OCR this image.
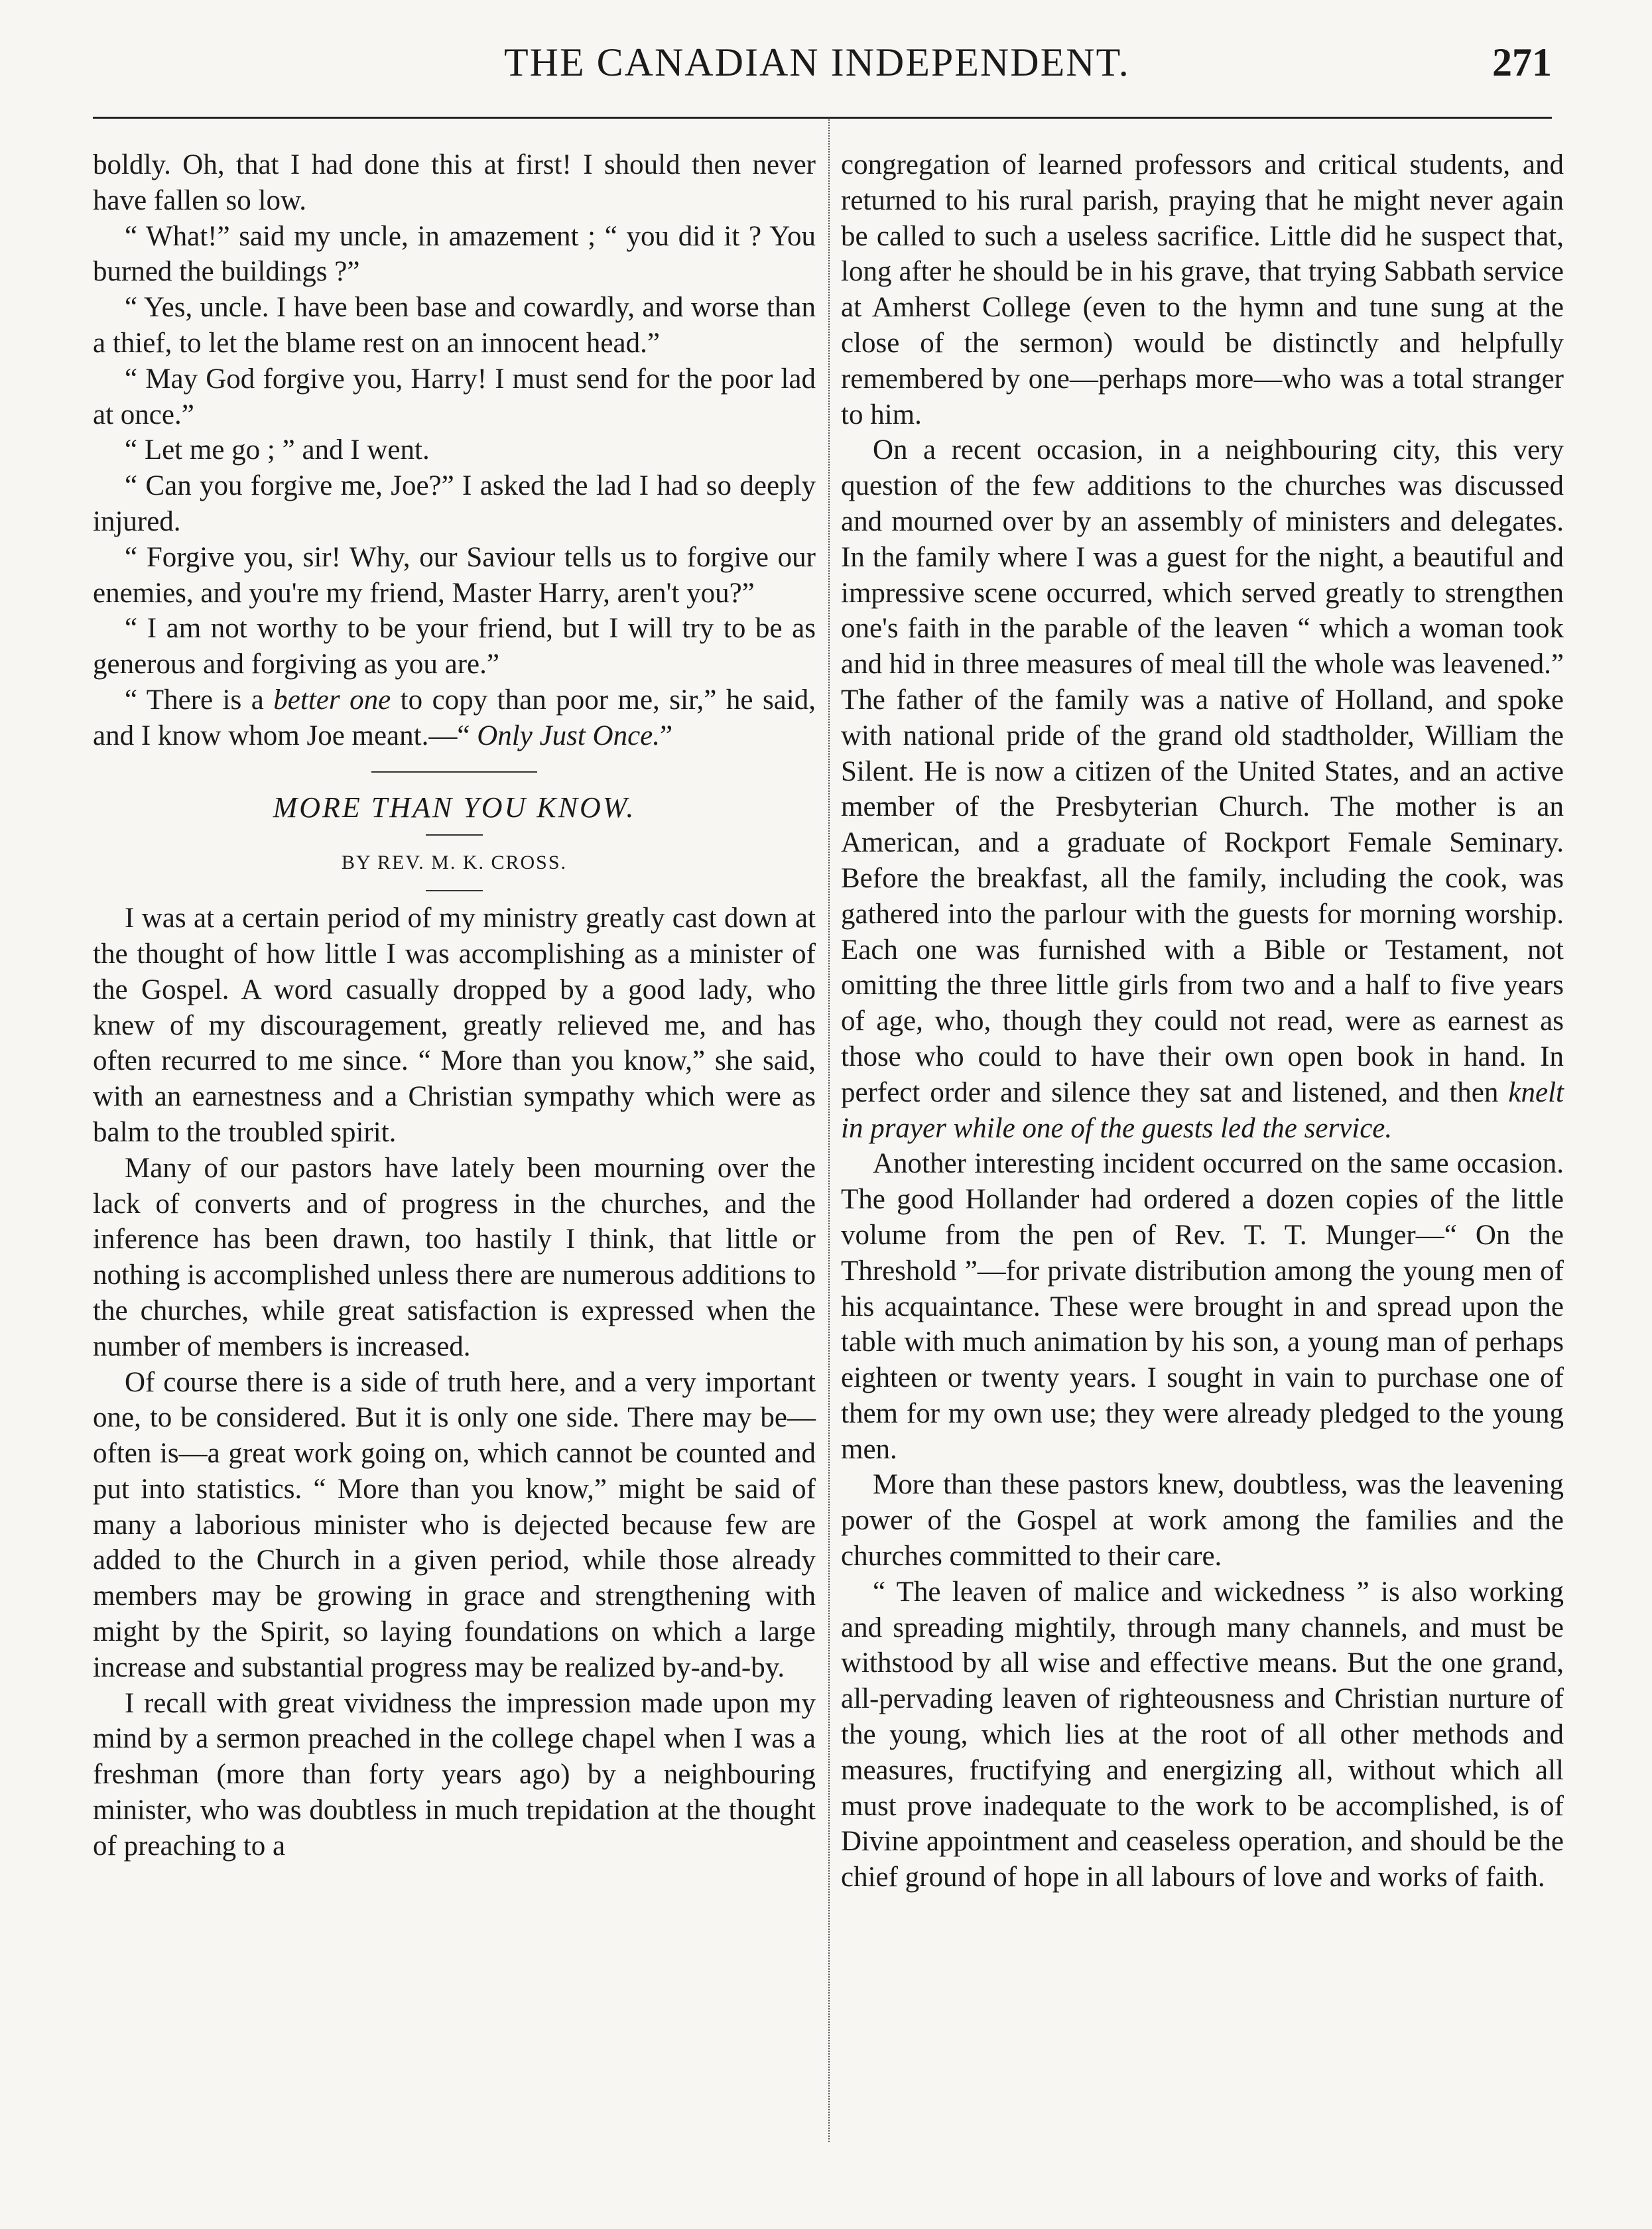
THE CANADIAN INDEPENDENT.	271

boldly. Oh, that I had done this at first! I should then never have fallen so low.

“ What!” said my uncle, in amazement ; “ you did it ? You burned the buildings ?”

“ Yes, uncle. I have been base and cowardly, and worse than a thief, to let the blame rest on an innocent head.”

“ May God forgive you, Harry! I must send for the poor lad at once.”

“ Let me go ; ” and I went.

“ Can you forgive me, Joe?” I asked the lad I had so deeply injured.

“ Forgive you, sir! Why, our Saviour tells us to forgive our enemies, and you're my friend, Master Harry, aren't you?”

“ I am not worthy to be your friend, but I will try to be as generous and forgiving as you are.”

“ There is a better one to copy than poor me, sir,” he said, and I know whom Joe meant.—“ Only Just Once.”

MORE THAN YOU KNOW.

BY REV. M. K. CROSS.

I was at a certain period of my ministry greatly cast down at the thought of how little I was accomplishing as a minister of the Gospel. A word casually dropped by a good lady, who knew of my discouragement, greatly relieved me, and has often recurred to me since. “ More than you know,” she said, with an earnestness and a Christian sympathy which were as balm to the troubled spirit.

Many of our pastors have lately been mourning over the lack of converts and of progress in the churches, and the inference has been drawn, too hastily I think, that little or nothing is accomplished unless there are numerous additions to the churches, while great satisfaction is expressed when the number of members is increased.

Of course there is a side of truth here, and a very important one, to be considered. But it is only one side. There may be—often is—a great work going on, which cannot be counted and put into statistics. “ More than you know,” might be said of many a laborious minister who is dejected because few are added to the Church in a given period, while those already members may be growing in grace and strengthening with might by the Spirit, so laying foundations on which a large increase and substantial progress may be realized by-and-by.

I recall with great vividness the impression made upon my mind by a sermon preached in the college chapel when I was a freshman (more than forty years ago) by a neighbouring minister, who was doubtless in much trepidation at the thought of preaching to a

congregation of learned professors and critical students, and returned to his rural parish, praying that he might never again be called to such a useless sacrifice. Little did he suspect that, long after he should be in his grave, that trying Sabbath service at Amherst College (even to the hymn and tune sung at the close of the sermon) would be distinctly and helpfully remembered by one—perhaps more—who was a total stranger to him.

On a recent occasion, in a neighbouring city, this very question of the few additions to the churches was discussed and mourned over by an assembly of ministers and delegates. In the family where I was a guest for the night, a beautiful and impressive scene occurred, which served greatly to strengthen one's faith in the parable of the leaven “ which a woman took and hid in three measures of meal till the whole was leavened.” The father of the family was a native of Holland, and spoke with national pride of the grand old stadtholder, William the Silent. He is now a citizen of the United States, and an active member of the Presbyterian Church. The mother is an American, and a graduate of Rockport Female Seminary. Before the breakfast, all the family, including the cook, was gathered into the parlour with the guests for morning worship. Each one was furnished with a Bible or Testament, not omitting the three little girls from two and a half to five years of age, who, though they could not read, were as earnest as those who could to have their own open book in hand. In perfect order and silence they sat and listened, and then knelt in prayer while one of the guests led the service.

Another interesting incident occurred on the same occasion. The good Hollander had ordered a dozen copies of the little volume from the pen of Rev. T. T. Munger—“ On the Threshold ”—for private distribution among the young men of his acquaintance. These were brought in and spread upon the table with much animation by his son, a young man of perhaps eighteen or twenty years. I sought in vain to purchase one of them for my own use; they were already pledged to the young men.

More than these pastors knew, doubtless, was the leavening power of the Gospel at work among the families and the churches committed to their care.

“ The leaven of malice and wickedness ” is also working and spreading mightily, through many channels, and must be withstood by all wise and effective means. But the one grand, all-pervading leaven of righteousness and Christian nurture of the young, which lies at the root of all other methods and measures, fructifying and energizing all, without which all must prove inadequate to the work to be accomplished, is of Divine appointment and ceaseless operation, and should be the chief ground of hope in all labours of love and works of faith.
